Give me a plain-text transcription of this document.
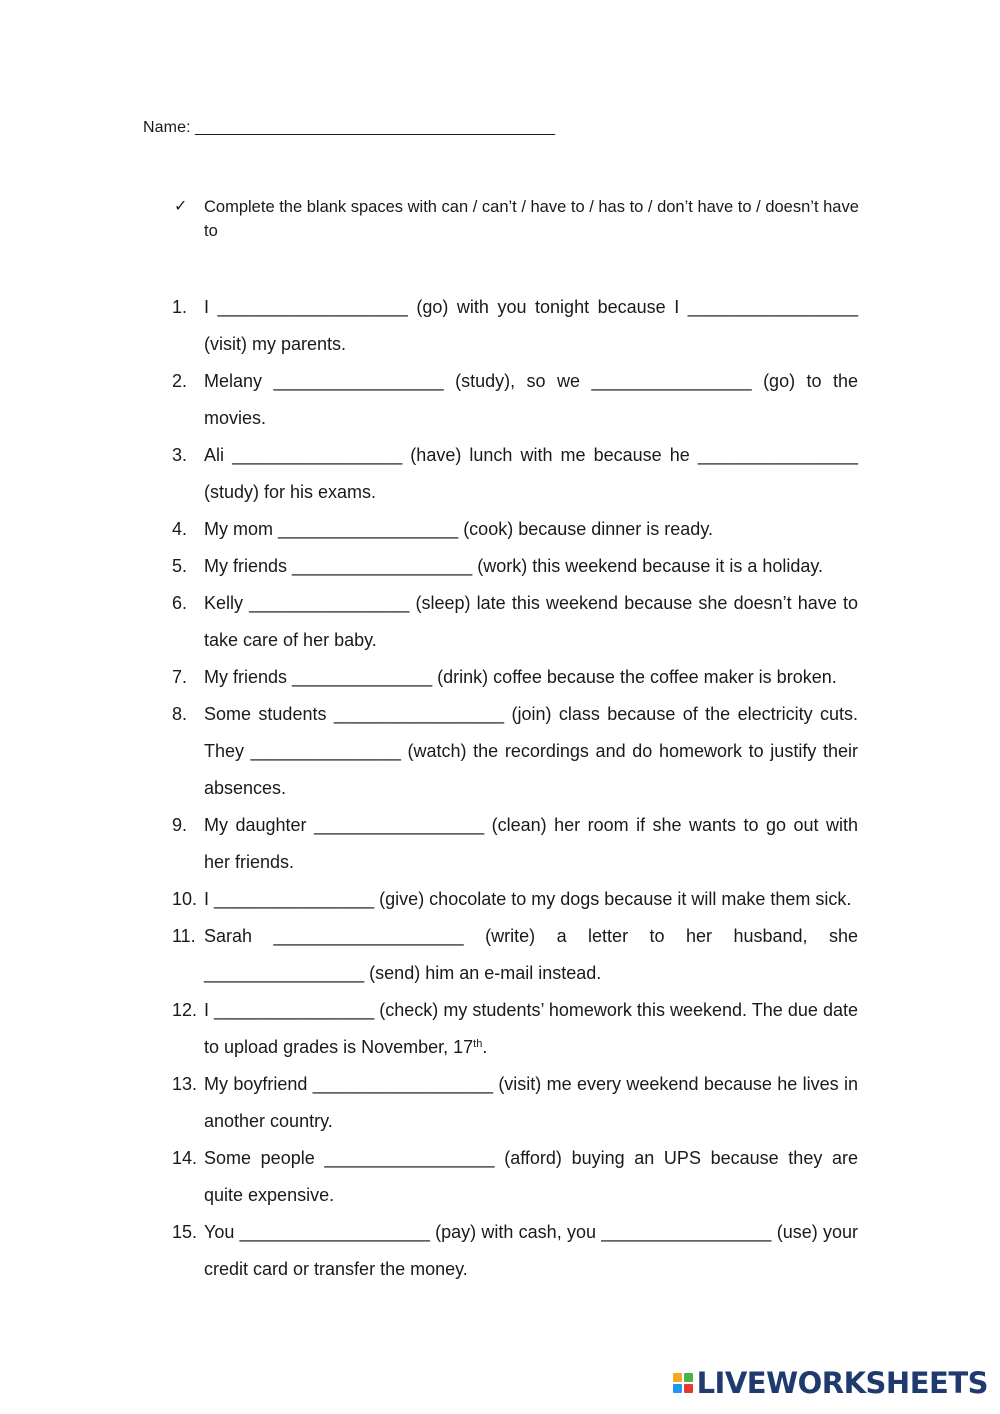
Name: ________________________________________
✓ Complete the blank spaces with can / can’t / have to / has to / don’t have to / doesn’t have to
1. I ___________________ (go) with you tonight because I _________________ (visit) my parents.
2. Melany _________________ (study), so we ________________ (go) to the movies.
3. Ali _________________ (have) lunch with me because he ________________ (study) for his exams.
4. My mom __________________ (cook) because dinner is ready.
5. My friends __________________ (work) this weekend because it is a holiday.
6. Kelly ________________ (sleep) late this weekend because she doesn’t have to take care of her baby.
7. My friends ______________ (drink) coffee because the coffee maker is broken.
8. Some students _________________ (join) class because of the electricity cuts. They _______________ (watch) the recordings and do homework to justify their absences.
9. My daughter _________________ (clean) her room if she wants to go out with her friends.
10. I ________________ (give) chocolate to my dogs because it will make them sick.
11. Sarah ___________________ (write) a letter to her husband, she ________________ (send) him an e-mail instead.
12. I ________________ (check) my students’ homework this weekend. The due date to upload grades is November, 17th.
13. My boyfriend __________________ (visit) me every weekend because he lives in another country.
14. Some people _________________ (afford) buying an UPS because they are quite expensive.
15. You ___________________ (pay) with cash, you _________________ (use) your credit card or transfer the money.
LIVEWORKSHEETS
